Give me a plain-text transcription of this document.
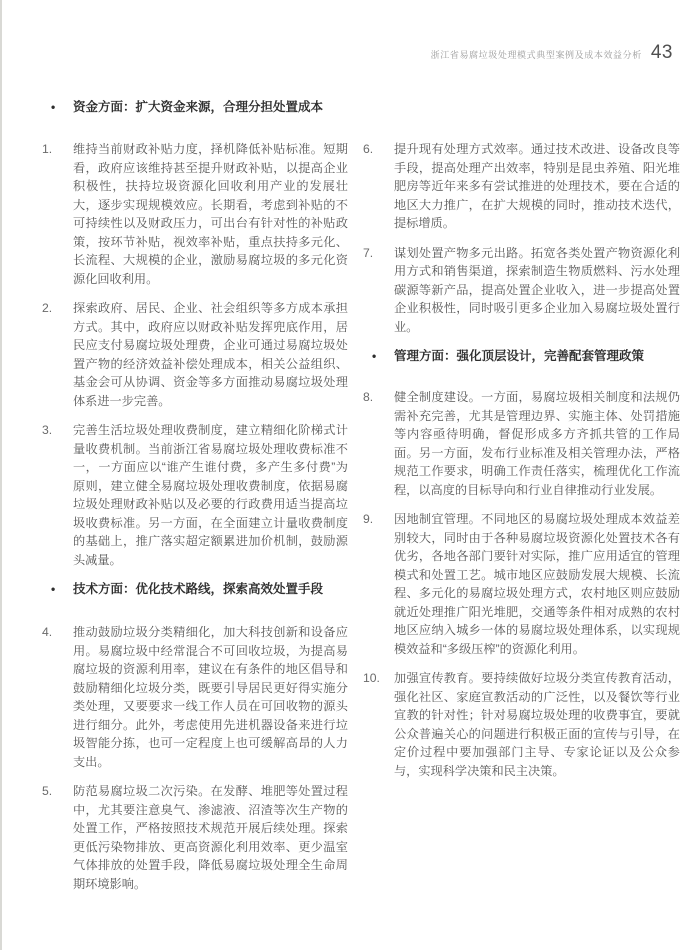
浙江省易腐垃圾处理模式典型案例及成本效益分析 43
•	资金方面：扩大资金来源，合理分担处置成本
1.	维持当前财政补贴力度，择机降低补贴标准。短期看，政府应该维持甚至提升财政补贴，以提高企业积极性，扶持垃圾资源化回收利用产业的发展壮大，逐步实现规模效应。长期看，考虑到补贴的不可持续性以及财政压力，可出台有针对性的补贴政策，按环节补贴，视效率补贴，重点扶持多元化、长流程、大规模的企业，激励易腐垃圾的多元化资源化回收利用。
2.	探索政府、居民、企业、社会组织等多方成本承担方式。其中，政府应以财政补贴发挥兜底作用，居民应支付易腐垃圾处理费，企业可通过易腐垃圾处置产物的经济效益补偿处理成本，相关公益组织、基金会可从协调、资金等多方面推动易腐垃圾处理体系进一步完善。
3.	完善生活垃圾处理收费制度，建立精细化阶梯式计量收费机制。当前浙江省易腐垃圾处理收费标准不一，一方面应以“谁产生谁付费，多产生多付费”为原则，建立健全易腐垃圾处理收费制度，依据易腐垃圾处理财政补贴以及必要的行政费用适当提高垃圾收费标准。另一方面，在全面建立计量收费制度的基础上，推广落实超定额累进加价机制，鼓励源头减量。
•	技术方面：优化技术路线，探索高效处置手段
4.	推动鼓励垃圾分类精细化，加大科技创新和设备应用。易腐垃圾中经常混合不可回收垃圾，为提高易腐垃圾的资源利用率，建议在有条件的地区倡导和鼓励精细化垃圾分类，既要引导居民更好得实施分类处理，又要要求一线工作人员在可回收物的源头进行细分。此外，考虑使用先进机器设备来进行垃圾智能分拣，也可一定程度上也可缓解高昂的人力支出。
5.	防范易腐垃圾二次污染。在发酵、堆肥等处置过程中，尤其要注意臭气、渗滤液、沼渣等次生产物的处置工作，严格按照技术规范开展后续处理。探索更低污染物排放、更高资源化利用效率、更少温室气体排放的处置手段，降低易腐垃圾处理全生命周期环境影响。
6.	提升现有处理方式效率。通过技术改进、设备改良等手段，提高处理产出效率，特别是昆虫养殖、阳光堆肥房等近年来多有尝试推进的处理技术，要在合适的地区大力推广，在扩大规模的同时，推动技术迭代，提标增质。
7.	谋划处置产物多元出路。拓宽各类处置产物资源化利用方式和销售渠道，探索制造生物质燃料、污水处理碳源等新产品，提高处置企业收入，进一步提高处置企业积极性，同时吸引更多企业加入易腐垃圾处置行业。
•	管理方面：强化顶层设计，完善配套管理政策
8.	健全制度建设。一方面，易腐垃圾相关制度和法规仍需补充完善，尤其是管理边界、实施主体、处罚措施等内容亟待明确，督促形成多方齐抓共管的工作局面。另一方面，发布行业标准及相关管理办法，严格规范工作要求，明确工作责任落实，梳理优化工作流程，以高度的目标导向和行业自律推动行业发展。
9.	因地制宜管理。不同地区的易腐垃圾处理成本效益差别较大，同时由于各种易腐垃圾资源化处置技术各有优劣，各地各部门要针对实际，推广应用适宜的管理模式和处置工艺。城市地区应鼓励发展大规模、长流程、多元化的易腐垃圾处理方式，农村地区则应鼓励就近处理推广阳光堆肥，交通等条件相对成熟的农村地区应纳入城乡一体的易腐垃圾处理体系，以实现规模效益和“多级压榨”的资源化利用。
10.	加强宣传教育。要持续做好垃圾分类宣传教育活动，强化社区、家庭宣教活动的广泛性，以及餐饮等行业宣教的针对性；针对易腐垃圾处理的收费事宜，要就公众普遍关心的问题进行积极正面的宣传与引导，在定价过程中要加强部门主导、专家论证以及公众参与，实现科学决策和民主决策。
